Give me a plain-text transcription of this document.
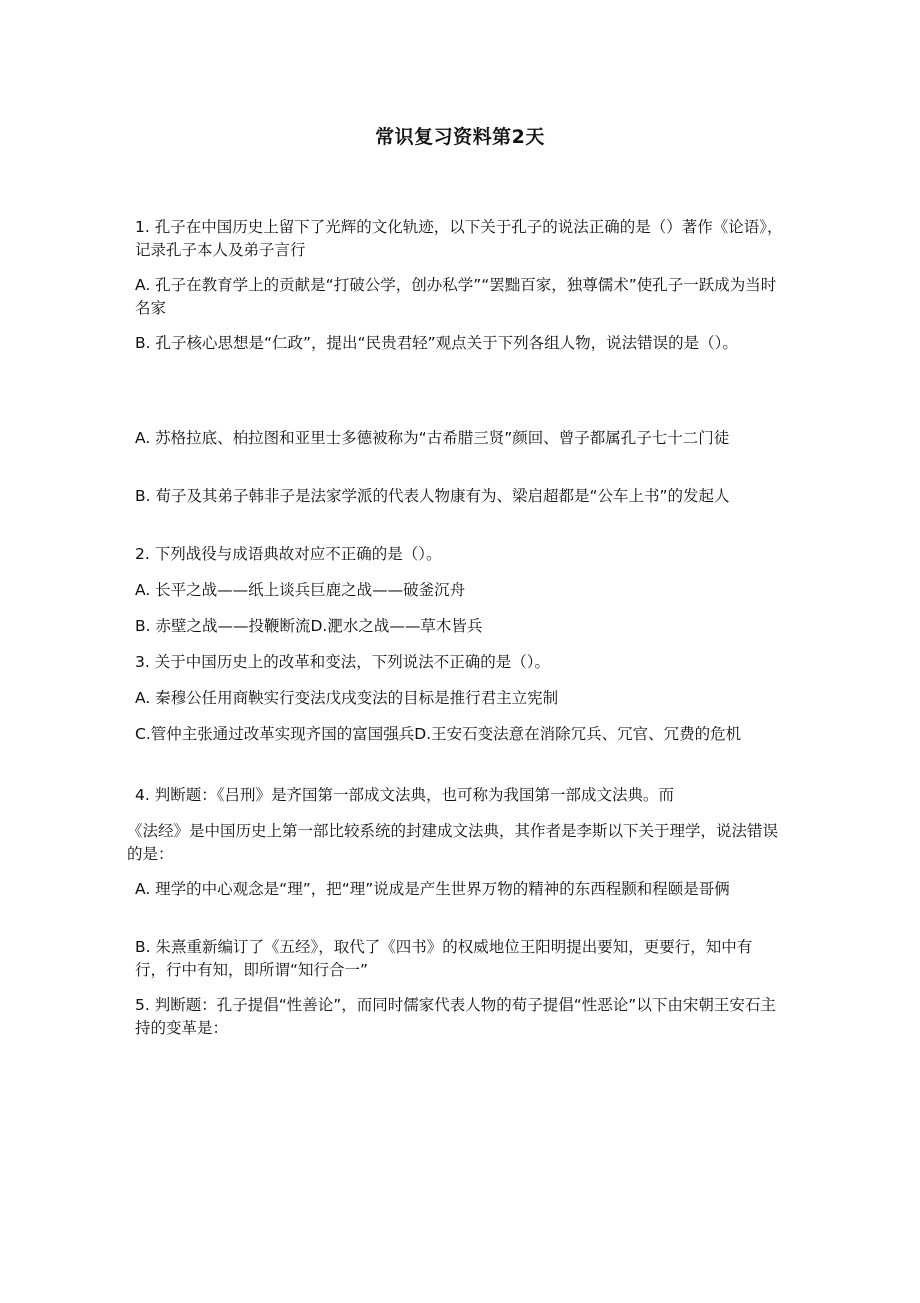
常识复习资料第2天

1. 孔子在中国历史上留下了光辉的文化轨迹，以下关于孔子的说法正确的是（）著作《论语》，记录孔子本人及弟子言行

A. 孔子在教育学上的贡献是“打破公学，创办私学”“罢黜百家，独尊儒术”使孔子一跃成为当时名家

B. 孔子核心思想是“仁政”，提出“民贵君轻”观点关于下列各组人物，说法错误的是（）。

A. 苏格拉底、柏拉图和亚里士多德被称为“古希腊三贤”颜回、曾子都属孔子七十二门徒

B. 荀子及其弟子韩非子是法家学派的代表人物康有为、梁启超都是“公车上书”的发起人

2. 下列战役与成语典故对应不正确的是（）。

A. 长平之战——纸上谈兵巨鹿之战——破釜沉舟

B. 赤壁之战——投鞭断流D.淝水之战——草木皆兵

3. 关于中国历史上的改革和变法，下列说法不正确的是（）。

A. 秦穆公任用商鞅实行变法戊戌变法的目标是推行君主立宪制

C.管仲主张通过改革实现齐国的富国强兵D.王安石变法意在消除冗兵、冗官、冗费的危机

4. 判断题：《吕刑》是齐国第一部成文法典，也可称为我国第一部成文法典。而

《法经》是中国历史上第一部比较系统的封建成文法典，其作者是李斯以下关于理学，说法错误的是：

A. 理学的中心观念是“理”，把“理”说成是产生世界万物的精神的东西程颢和程颐是哥俩

B. 朱熹重新编订了《五经》，取代了《四书》的权威地位王阳明提出要知，更要行，知中有行，行中有知，即所谓“知行合一”

5. 判断题：孔子提倡“性善论”，而同时儒家代表人物的荀子提倡“性恶论”以下由宋朝王安石主持的变革是：
